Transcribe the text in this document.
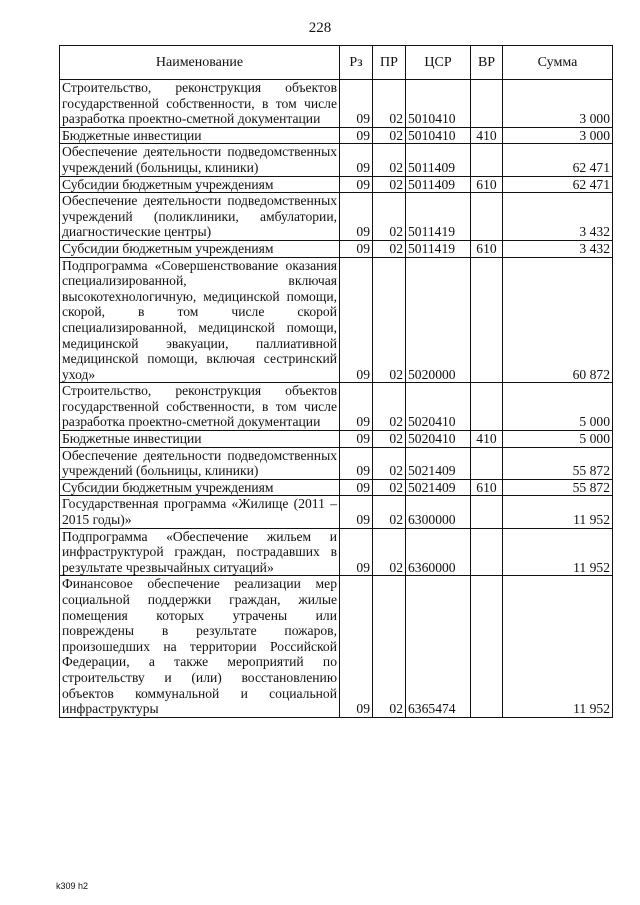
228
Наименование	Рз	ПР	ЦСР	ВР	Сумма
Строительство, реконструкция объектов государственной собственности, в том числе разработка проектно-сметной документации	09	02	5010410		3 000
Бюджетные инвестиции	09	02	5010410	410	3 000
Обеспечение деятельности подведомственных учреждений (больницы, клиники)	09	02	5011409		62 471
Субсидии бюджетным учреждениям	09	02	5011409	610	62 471
Обеспечение деятельности подведомственных учреждений (поликлиники, амбулатории, диагностические центры)	09	02	5011419		3 432
Субсидии бюджетным учреждениям	09	02	5011419	610	3 432
Подпрограмма «Совершенствование оказания специализированной, включая высокотехнологичную, медицинской помощи, скорой, в том числе скорой специализированной, медицинской помощи, медицинской эвакуации, паллиативной медицинской помощи, включая сестринский уход»	09	02	5020000		60 872
Строительство, реконструкция объектов государственной собственности, в том числе разработка проектно-сметной документации	09	02	5020410		5 000
Бюджетные инвестиции	09	02	5020410	410	5 000
Обеспечение деятельности подведомственных учреждений (больницы, клиники)	09	02	5021409		55 872
Субсидии бюджетным учреждениям	09	02	5021409	610	55 872
Государственная программа «Жилище (2011 – 2015 годы)»	09	02	6300000		11 952
Подпрограмма «Обеспечение жильем и инфраструктурой граждан, пострадавших в результате чрезвычайных ситуаций»	09	02	6360000		11 952
Финансовое обеспечение реализации мер социальной поддержки граждан, жилые помещения которых утрачены или повреждены в результате пожаров, произошедших на территории Российской Федерации, а также мероприятий по строительству и (или) восстановлению объектов коммунальной и социальной инфраструктуры	09	02	6365474		11 952
k309 h2
